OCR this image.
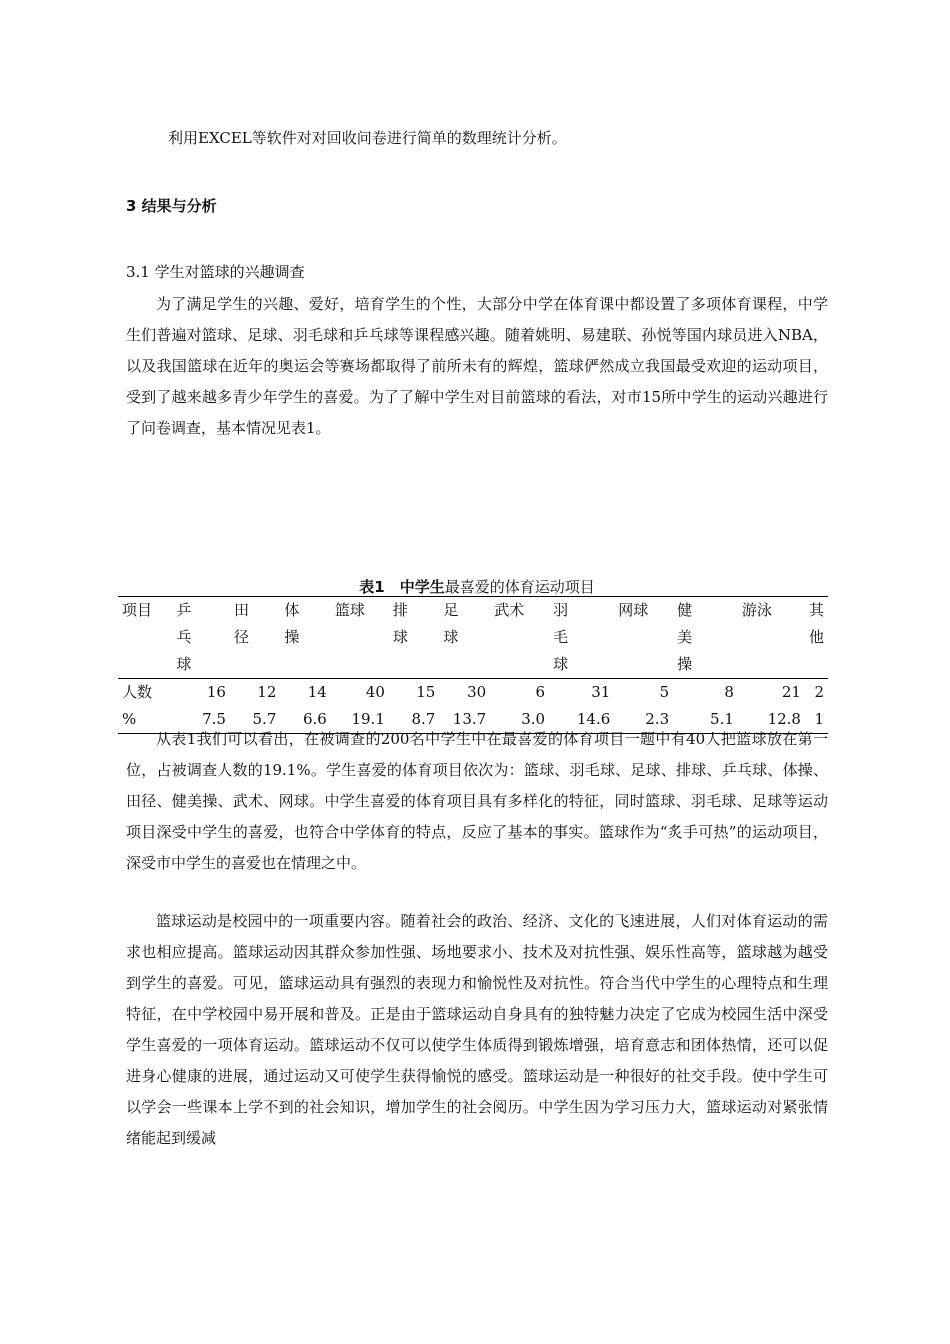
利用EXCEL等软件对对回收问卷进行简单的数理统计分析。
3 结果与分析
3.1 学生对篮球的兴趣调查

为了满足学生的兴趣、爱好，培育学生的个性，大部分中学在体育课中都设置了多项体育课程，中学生们普遍对篮球、足球、羽毛球和乒乓球等课程感兴趣。随着姚明、易建联、孙悦等国内球员进入NBA，以及我国篮球在近年的奥运会等赛场都取得了前所未有的辉煌，篮球俨然成立我国最受欢迎的运动项目，受到了越来越多青少年学生的喜爱。为了了解中学生对目前篮球的看法，对市15所中学生的运动兴趣进行了问卷调查，基本情况见表1。

表1　中学生最喜爱的体育运动项目
项目	乒乓球	田径	体操	篮球	排球	足球	武术	羽毛球	网球	健美操	游泳	其他
人数	16	12	14	40	15	30	6	31	5	8	21	2
%	7.5	5.7	6.6	19.1	8.7	13.7	3.0	14.6	2.3	5.1	12.8	1

从表1我们可以看出，在被调查的200名中学生中在最喜爱的体育项目一题中有40人把篮球放在第一位，占被调查人数的19.1%。学生喜爱的体育项目依次为：篮球、羽毛球、足球、排球、乒乓球、体操、田径、健美操、武术、网球。中学生喜爱的体育项目具有多样化的特征，同时篮球、羽毛球、足球等运动项目深受中学生的喜爱，也符合中学体育的特点，反应了基本的事实。篮球作为“炙手可热”的运动项目，深受市中学生的喜爱也在情理之中。

篮球运动是校园中的一项重要内容。随着社会的政治、经济、文化的飞速进展，人们对体育运动的需求也相应提高。篮球运动因其群众参加性强、场地要求小、技术及对抗性强、娱乐性高等，篮球越为越受到学生的喜爱。可见，篮球运动具有强烈的表现力和愉悦性及对抗性。符合当代中学生的心理特点和生理特征，在中学校园中易开展和普及。正是由于篮球运动自身具有的独特魅力决定了它成为校园生活中深受学生喜爱的一项体育运动。篮球运动不仅可以使学生体质得到锻炼增强，培育意志和团体热情，还可以促进身心健康的进展，通过运动又可使学生获得愉悦的感受。篮球运动是一种很好的社交手段。使中学生可以学会一些课本上学不到的社会知识，增加学生的社会阅历。中学生因为学习压力大，篮球运动对紧张情绪能起到缓减
